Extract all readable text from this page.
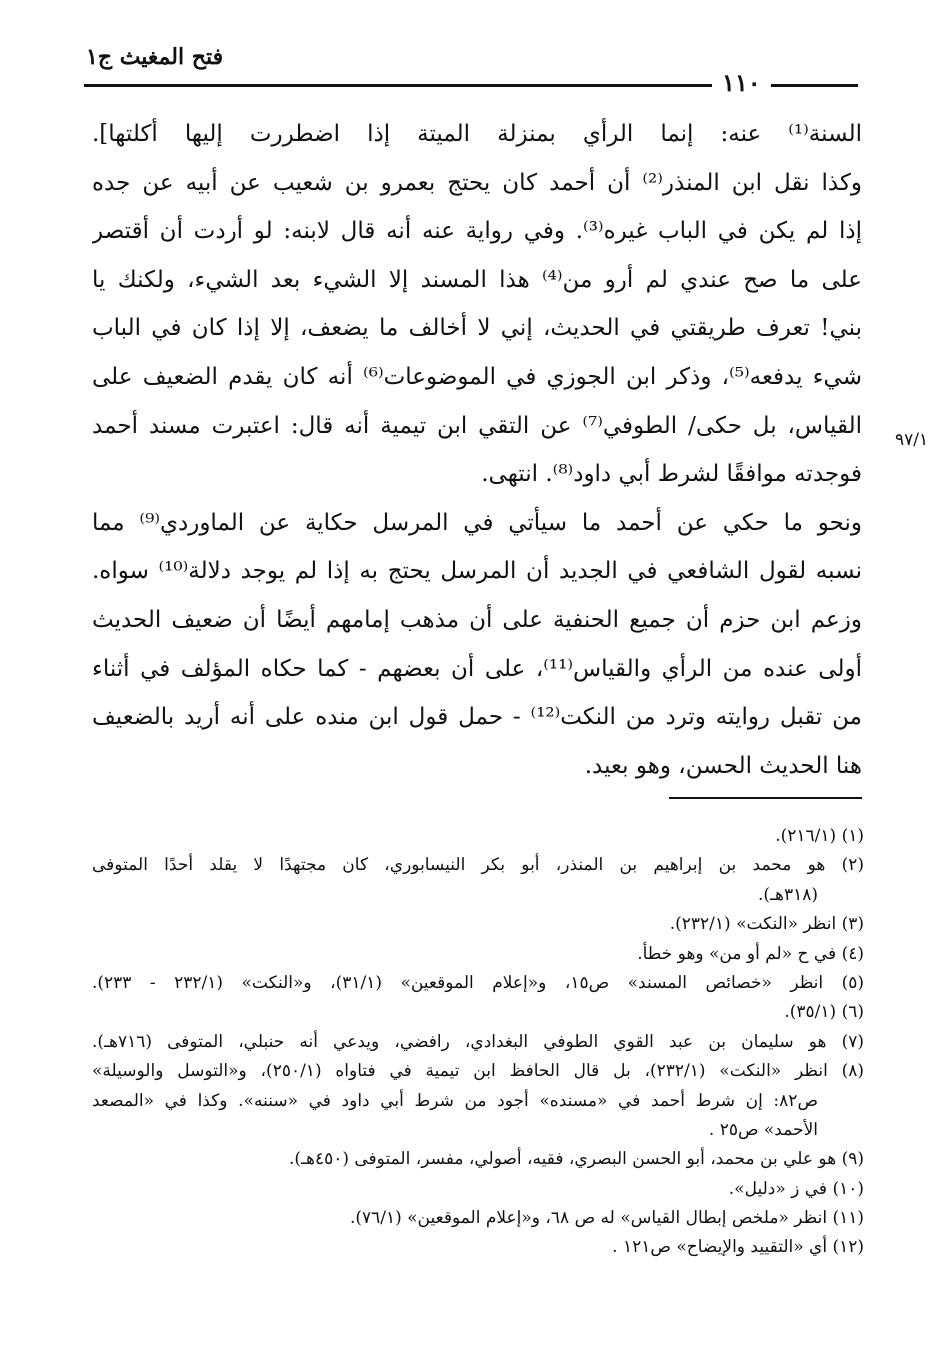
فتح المغيث ج١
١١٠
٩٧/١
السنة⁽¹⁾ عنه: إنما الرأي بمنزلة الميتة إذا اضطررت إليها أكلتها].
وكذا نقل ابن المنذر⁽²⁾ أن أحمد كان يحتج بعمرو بن شعيب عن أبيه عن جده
إذا لم يكن في الباب غيره⁽³⁾. وفي رواية عنه أنه قال لابنه: لو أردت أن أقتصر
على ما صح عندي لم أرو من⁽⁴⁾ هذا المسند إلا الشيء بعد الشيء، ولكنك يا
بني! تعرف طريقتي في الحديث، إني لا أخالف ما يضعف، إلا إذا كان في الباب
شيء يدفعه⁽⁵⁾، وذكر ابن الجوزي في الموضوعات⁽⁶⁾ أنه كان يقدم الضعيف على
القياس، بل حكى/ الطوفي⁽⁷⁾ عن التقي ابن تيمية أنه قال: اعتبرت مسند أحمد
فوجدته موافقًا لشرط أبي داود⁽⁸⁾. انتهى.
ونحو ما حكي عن أحمد ما سيأتي في المرسل حكاية عن الماوردي⁽⁹⁾ مما
نسبه لقول الشافعي في الجديد أن المرسل يحتج به إذا لم يوجد دلالة⁽¹⁰⁾ سواه.
وزعم ابن حزم أن جميع الحنفية على أن مذهب إمامهم أيضًا أن ضعيف الحديث
أولى عنده من الرأي والقياس⁽¹¹⁾، على أن بعضهم - كما حكاه المؤلف في أثناء
من تقبل روايته وترد من النكت⁽¹²⁾ - حمل قول ابن منده على أنه أريد بالضعيف
هنا الحديث الحسن، وهو بعيد.
(١) (٢١٦/١).
(٢) هو محمد بن إبراهيم بن المنذر، أبو بكر النيسابوري، كان مجتهدًا لا يقلد أحدًا المتوفى
(٣١٨هـ).
(٣) انظر «النكت» (٢٣٢/١).
(٤) في ح «لم أو من» وهو خطأ.
(٥) انظر «خصائص المسند» ص١٥، و«إعلام الموقعين» (٣١/١)، و«النكت» (٢٣٢/١ - ٢٣٣).
(٦) (٣٥/١).
(٧) هو سليمان بن عبد القوي الطوفي البغدادي، رافضي، ويدعي أنه حنبلي، المتوفى (٧١٦هـ).
(٨) انظر «النكت» (٢٣٢/١)، بل قال الحافظ ابن تيمية في فتاواه (٢٥٠/١)، و«التوسل والوسيلة»
ص٨٢: إن شرط أحمد في «مسنده» أجود من شرط أبي داود في «سننه». وكذا في «المصعد
الأحمد» ص٢٥ .
(٩) هو علي بن محمد، أبو الحسن البصري، فقيه، أصولي، مفسر، المتوفى (٤٥٠هـ).
(١٠) في ز «دليل».
(١١) انظر «ملخص إبطال القياس» له ص ٦٨، و«إعلام الموقعين» (٧٦/١).
(١٢) أي «التقييد والإيضاح» ص١٢١ .
